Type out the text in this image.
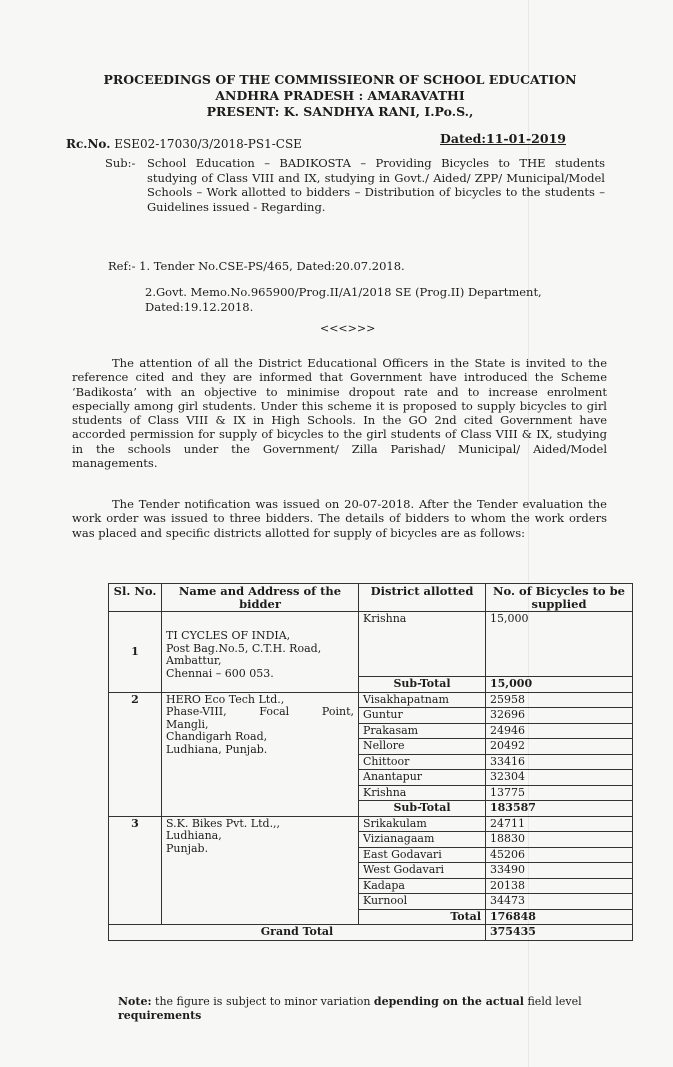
PROCEEDINGS OF THE COMMISSIEONR OF SCHOOL EDUCATION
ANDHRA PRADESH : AMARAVATHI
PRESENT: K. SANDHYA RANI, I.Po.S.,
Rc.No. ESE02-17030/3/2018-PS1-CSE	Dated:11-01-2019
Sub:- School Education – BADIKOSTA – Providing Bicycles to THE students studying of Class VIII and IX, studying in Govt./ Aided/ ZPP/ Municipal/Model Schools – Work allotted to bidders – Distribution of bicycles to the students – Guidelines issued - Regarding.
Ref:- 1. Tender No.CSE-PS/465, Dated:20.07.2018.
2.Govt. Memo.No.965900/Prog.II/A1/2018 SE (Prog.II) Department, Dated:19.12.2018.
<<<>>>
The attention of all the District Educational Officers in the State is invited to the reference cited and they are informed that Government have introduced the Scheme ‘Badikosta’ with an objective to minimise dropout rate and to increase enrolment especially among girl students. Under this scheme it is proposed to supply bicycles to girl students of Class VIII & IX in High Schools. In the GO 2nd cited Government have accorded permission for supply of bicycles to the girl students of Class VIII & IX, studying in the schools under the Government/ Zilla Parishad/ Municipal/ Aided/Model managements.
The Tender notification was issued on 20-07-2018. After the Tender evaluation the work order was issued to three bidders. The details of bidders to whom the work orders was placed and specific districts allotted for supply of bicycles are as follows:
Sl. No.	Name and Address of the bidder	District allotted	No. of Bicycles to be supplied
1	TI CYCLES OF INDIA,
Post Bag.No.5, C.T.H. Road,
Ambattur,
Chennai – 600 053.	Krishna	15,000
		Sub-Total	15,000
2	HERO Eco Tech Ltd.,
Phase-VIII, Focal Point,
Mangli,
Chandigarh Road,
Ludhiana, Punjab.	Visakhapatnam	25958
		Guntur	32696
		Prakasam	24946
		Nellore	20492
		Chittoor	33416
		Anantapur	32304
		Krishna	13775
		Sub-Total	183587
3	S.K. Bikes Pvt. Ltd.,,
Ludhiana,
Punjab.	Srikakulam	24711
		Vizianagaam	18830
		East Godavari	45206
		West Godavari	33490
		Kadapa	20138
		Kurnool	34473
		Total	176848
Grand Total			375435
Note: the figure is subject to minor variation depending on the actual field level requirements
